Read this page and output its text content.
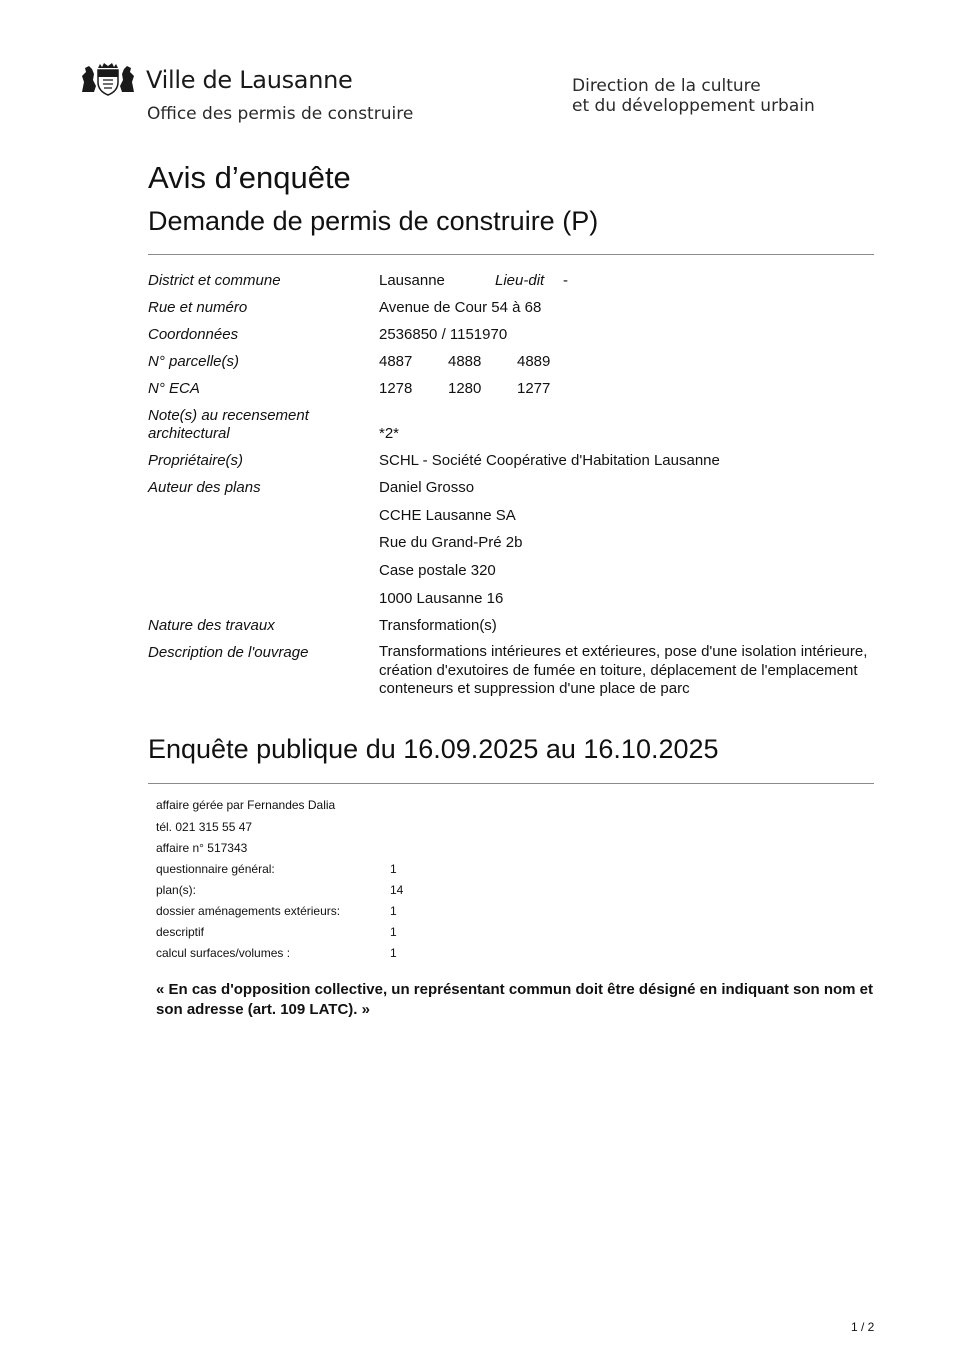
Ville de Lausanne
Office des permis de construire
Direction de la culture
et du développement urbain
Avis d’enquête
Demande de permis de construire (P)
District et commune	Lausanne	Lieu-dit -
Rue et numéro	Avenue de Cour 54 à 68
Coordonnées	2536850 / 1151970
N° parcelle(s)	4887 4888 4889
N° ECA	1278 1280 1277
Note(s) au recensement
architectural	*2*
Propriétaire(s)	SCHL - Société Coopérative d'Habitation Lausanne
Auteur des plans	Daniel Grosso
CCHE Lausanne SA
Rue du Grand-Pré 2b
Case postale 320
1000 Lausanne 16
Nature des travaux	Transformation(s)
Description de l'ouvrage	Transformations intérieures et extérieures, pose d'une isolation intérieure, création d'exutoires de fumée en toiture, déplacement de l'emplacement conteneurs et suppression d'une place de parc
Enquête publique du 16.09.2025 au 16.10.2025
affaire gérée par Fernandes Dalia
tél. 021 315 55 47
affaire n° 517343
questionnaire général:	1
plan(s):	14
dossier aménagements extérieurs:	1
descriptif	1
calcul surfaces/volumes :	1
« En cas d'opposition collective, un représentant commun doit être désigné en indiquant son nom et son adresse (art. 109 LATC). »
1 / 2
